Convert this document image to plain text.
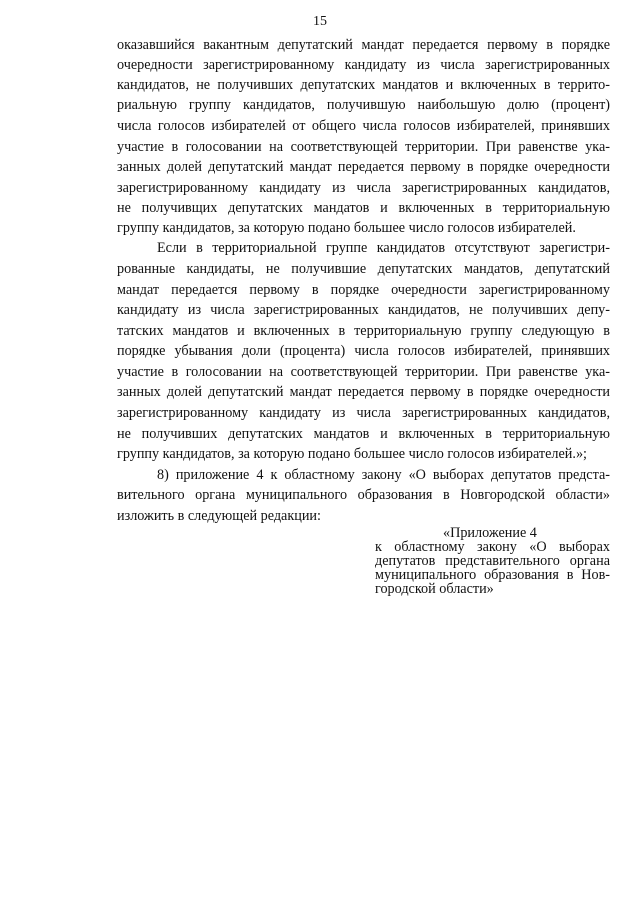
15
оказавшийся вакантным депутатский мандат передается первому в порядке
очередности зарегистрированному кандидату из числа зарегистрированных
кандидатов, не получивших депутатских мандатов и включенных в террито-
риальную группу кандидатов, получившую наибольшую долю (процент)
числа голосов избирателей от общего числа голосов избирателей, принявших
участие в голосовании на соответствующей территории. При равенстве ука-
занных долей депутатский мандат передается первому в порядке очередности
зарегистрированному кандидату из числа зарегистрированных кандидатов,
не получивщих депутатских мандатов и включенных в территориальную
группу кандидатов, за которую подано большее число голосов избирателей.
Если в территориальной группе кандидатов отсутствуют зарегистри-
рованные кандидаты, не получившие депутатских мандатов, депутатский
мандат передается первому в порядке очередности зарегистрированному
кандидату из числа зарегистрированных кандидатов, не получивших депу-
татских мандатов и включенных в территориальную группу следующую в
порядке убывания доли (процента) числа голосов избирателей, принявших
участие в голосовании на соответствующей территории. При равенстве ука-
занных долей депутатский мандат передается первому в порядке очередности
зарегистрированному кандидату из числа зарегистрированных кандидатов,
не получивших депутатских мандатов и включенных в территориальную
группу кандидатов, за которую подано большее число голосов избирателей.»;
8) приложение 4 к областному закону «О выборах депутатов предста-
вительного органа муниципального образования в Новгородской области»
изложить в следующей редакции:
«Приложение 4
к областному закону «О выборах
депутатов представительного органа
муниципального образования в Нов-
городской области»
